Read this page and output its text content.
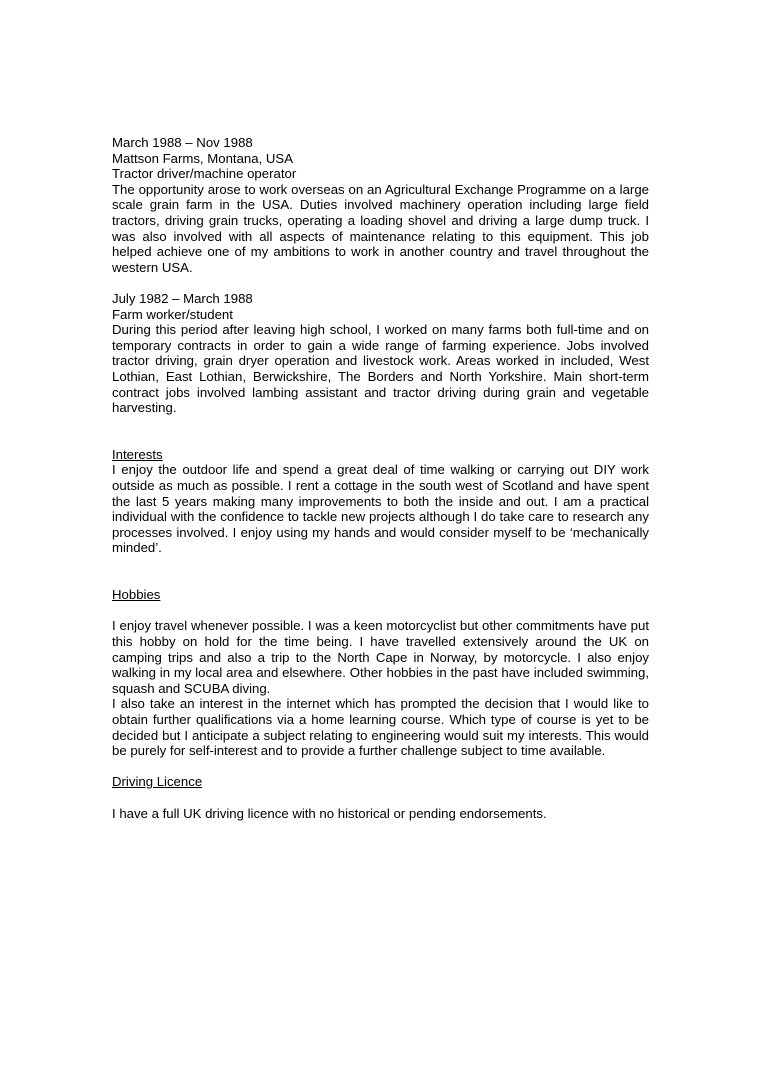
March 1988 – Nov 1988
Mattson Farms, Montana, USA
Tractor driver/machine operator
The opportunity arose to work overseas on an Agricultural Exchange Programme on a large scale grain farm in the USA. Duties involved machinery operation including large field tractors, driving grain trucks, operating a loading shovel and driving a large dump truck. I was also involved with all aspects of maintenance relating to this equipment. This job helped achieve one of my ambitions to work in another country and travel throughout the western USA.
July 1982 – March 1988
Farm worker/student
During this period after leaving high school, I worked on many farms both full-time and on temporary contracts in order to gain a wide range of farming experience. Jobs involved tractor driving, grain dryer operation and livestock work. Areas worked in included, West Lothian, East Lothian, Berwickshire, The Borders and North Yorkshire. Main short-term contract jobs involved lambing assistant and tractor driving during grain and vegetable harvesting.
Interests
I enjoy the outdoor life and spend a great deal of time walking or carrying out DIY work outside as much as possible. I rent a cottage in the south west of Scotland and have spent the last 5 years making many improvements to both the inside and out. I am a practical individual with the confidence to tackle new projects although I do take care to research any processes involved. I enjoy using my hands and would consider myself to be ‘mechanically minded’.
Hobbies
I enjoy travel whenever possible. I was a keen motorcyclist but other commitments have put this hobby on hold for the time being. I have travelled extensively around the UK on camping trips and also a trip to the North Cape in Norway, by motorcycle. I also enjoy walking in my local area and elsewhere. Other hobbies in the past have included swimming, squash and SCUBA diving.
I also take an interest in the internet which has prompted the decision that I would like to obtain further qualifications via a home learning course. Which type of course is yet to be decided but I anticipate a subject relating to engineering would suit my interests. This would be purely for self-interest and to provide a further challenge subject to time available.
Driving Licence
I have a full UK driving licence with no historical or pending endorsements.
